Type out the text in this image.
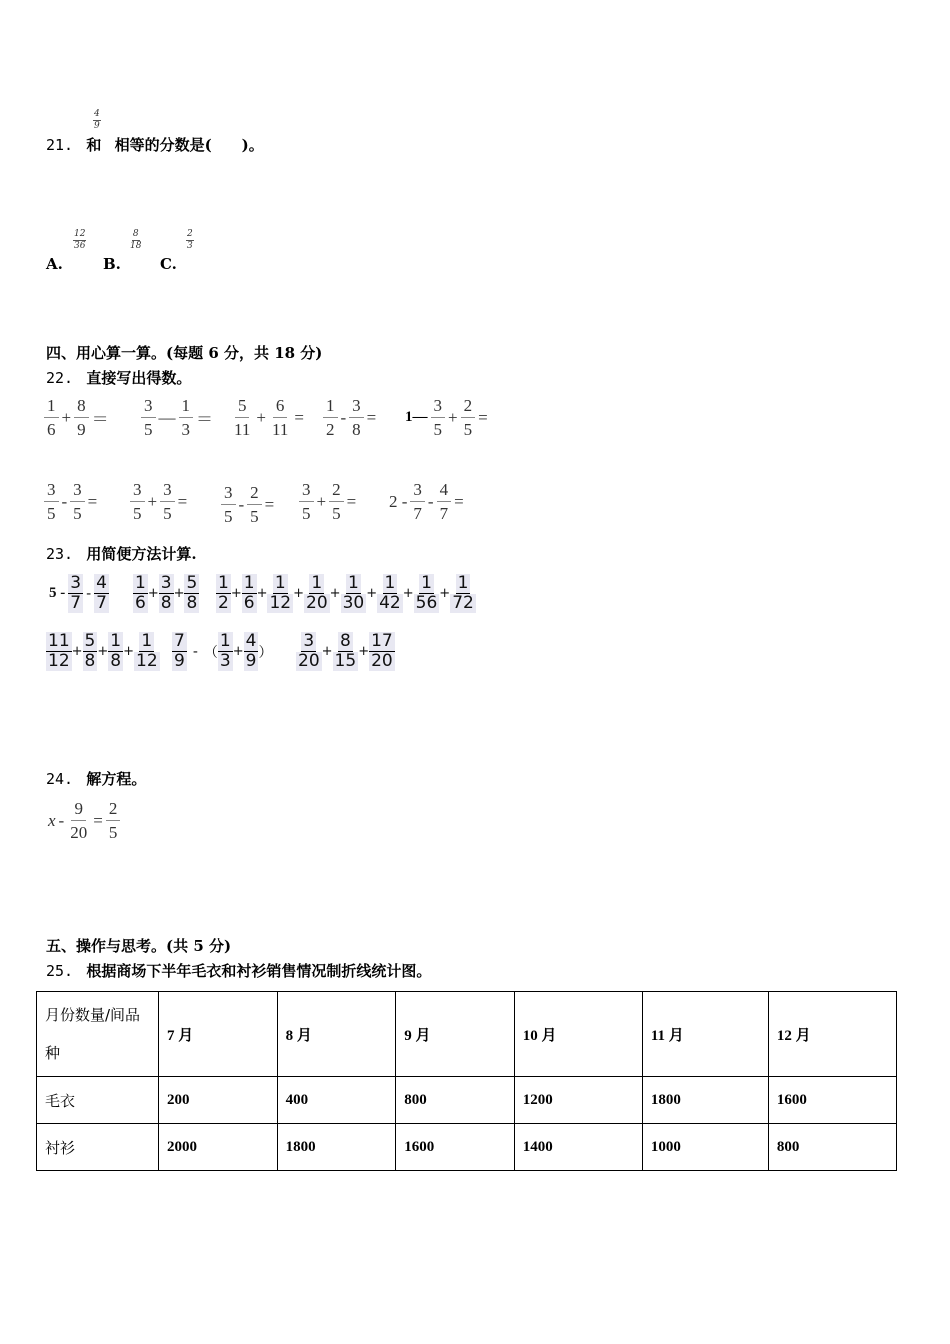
21. 和 相等的分数是(　　)。
$\frac{4}{9}$
A.
$\frac{12}{36}$
B.
$\frac{8}{18}$
C.
$\frac{2}{3}$
四、用心算一算。(每题 6 分，共 18 分)
22. 直接写出得数。
$\frac{1}{6} + \frac{8}{9} = \frac{3}{5}$ — $\frac{1}{3} = \frac{5}{11} + \frac{6}{11} = \frac{1}{2} - \frac{3}{8}$ = 1— $\frac{3}{5} + \frac{2}{5}$ =
$\frac{3}{5} - \frac{3}{5} = \frac{3}{5} + \frac{3}{5} = \frac{3}{5} - \frac{2}{5} = \frac{3}{5} + \frac{2}{5} = 2 - \frac{3}{7} - \frac{4}{7}$ =
23. 用简便方法计算.
$5 - \frac{3}{7} - \frac{4}{7} \frac{1}{6} + \frac{3}{8} + \frac{5}{8} \frac{1}{2} + \frac{1}{6} + \frac{1}{12} + \frac{1}{20} + \frac{1}{30} + \frac{1}{42} + \frac{1}{56} + \frac{1}{72}$
$\frac{11}{12} + \frac{5}{8} + \frac{1}{8} + \frac{1}{12} \frac{7}{9}$ - （ $\frac{1}{3} + \frac{4}{9}$ ） $\frac{3}{20} + \frac{8}{15} + \frac{17}{20}$
24. 解方程。
$x - \frac{9}{20} = \frac{2}{5}$
五、操作与思考。(共 5 分)
25. 根据商场下半年毛衣和衬衫销售情况制折线统计图。
月份数量/间品
种	7 月	8 月	9 月	10 月	11 月	12 月
毛衣	200	400	800	1200	1800	1600
衬衫	2000	1800	1600	1400	1000	800
